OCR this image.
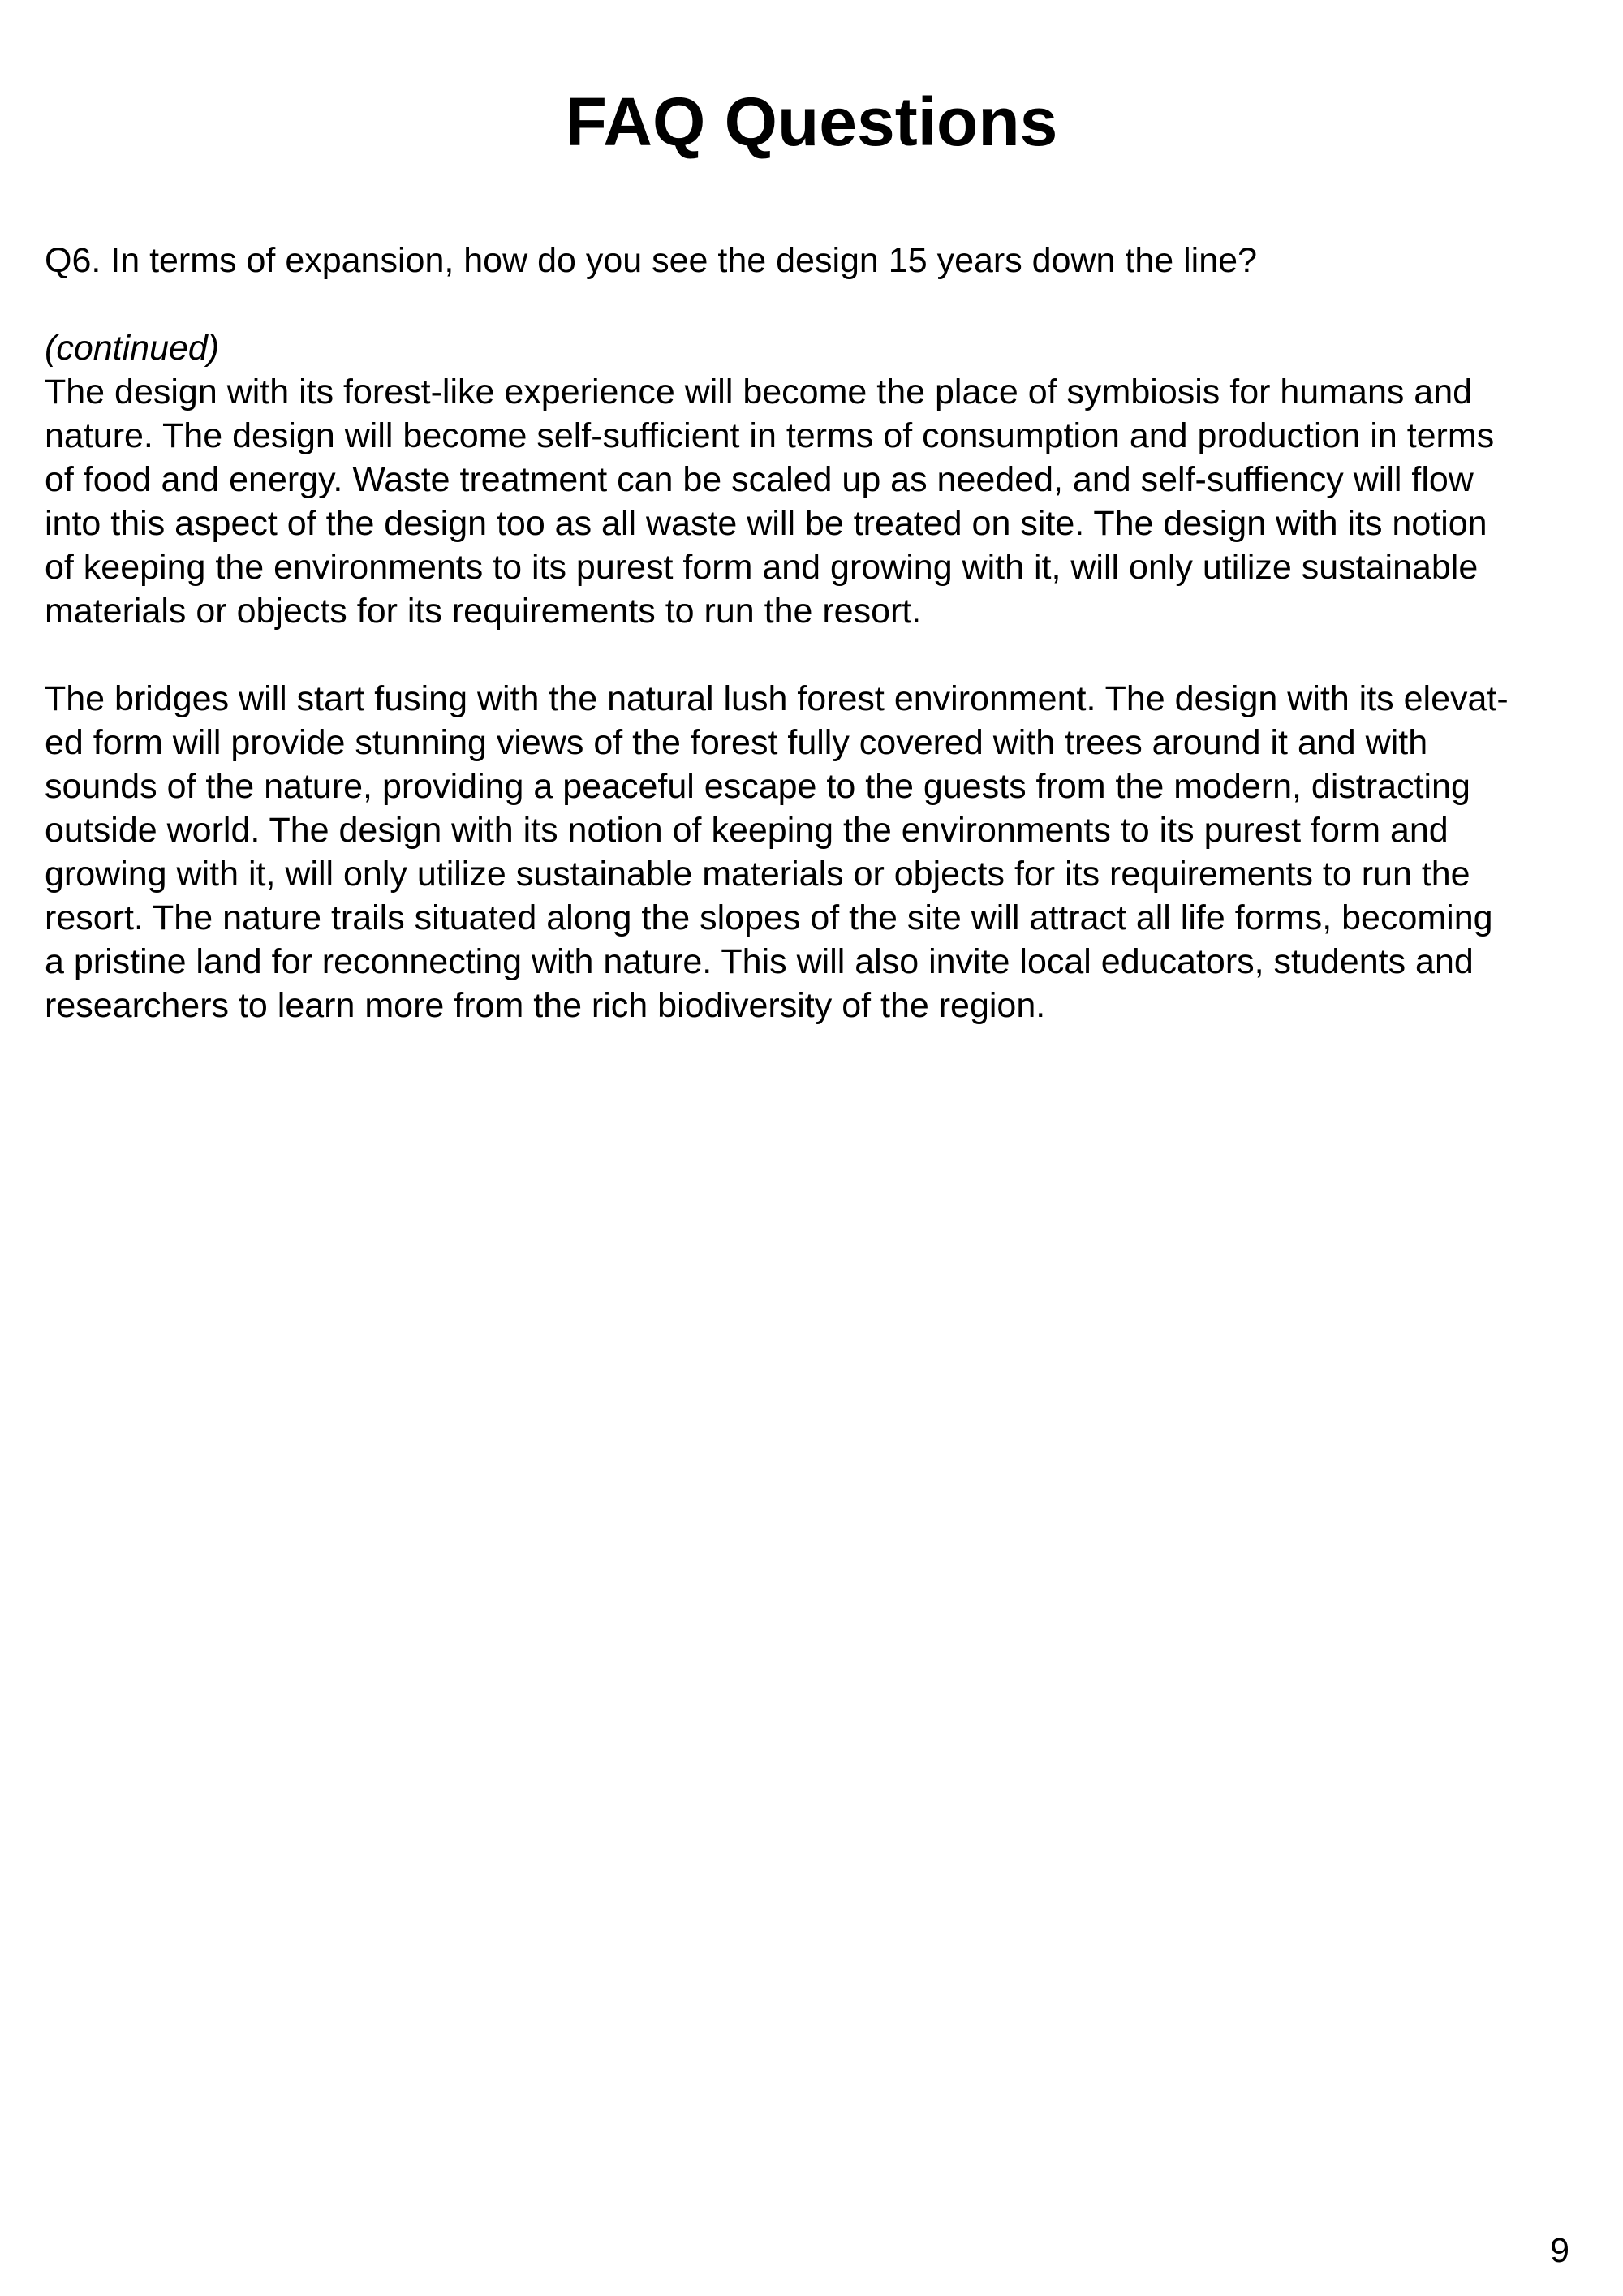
FAQ Questions
Q6. In terms of expansion, how do you see the design 15 years down the line?
(continued)
The design with its forest-like experience will become the place of symbiosis for humans and
nature. The design will become self-sufficient in terms of consumption and production in terms
of food and energy. Waste treatment can be scaled up as needed, and self-suffiency will flow
into this aspect of the design too as all waste will be treated on site. The design with its notion
of keeping the environments to its purest form and growing with it, will only utilize sustainable
materials or objects for its requirements to run the resort.
The bridges will start fusing with the natural lush forest environment. The design with its elevat-
ed form will provide stunning views of the forest fully covered with trees around it and with
sounds of the nature, providing a peaceful escape to the guests from the modern, distracting
outside world. The design with its notion of keeping the environments to its purest form and
growing with it, will only utilize sustainable materials or objects for its requirements to run the
resort. The nature trails situated along the slopes of the site will attract all life forms, becoming
a pristine land for reconnecting with nature. This will also invite local educators, students and
researchers to learn more from the rich biodiversity of the region.
9
